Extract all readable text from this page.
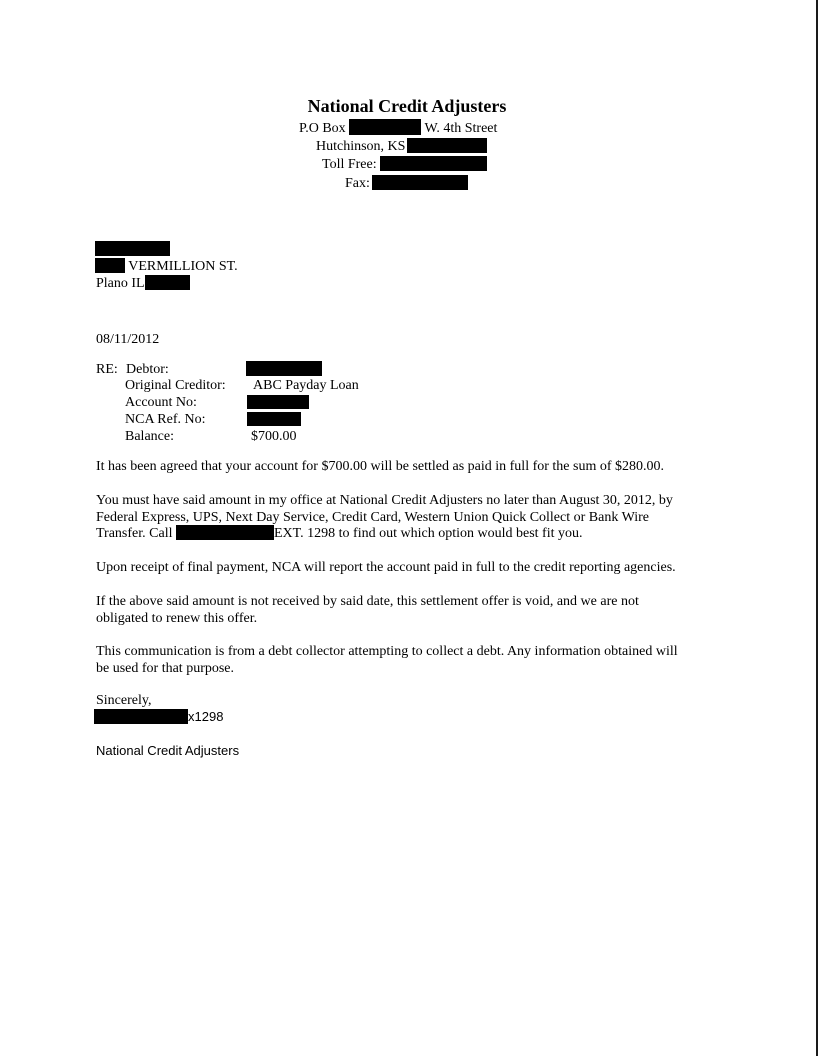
National Credit Adjusters
P.O Box	W. 4th Street
Hutchinson, KS
Toll Free:
Fax:
VERMILLION ST.
Plano IL
08/11/2012
RE: Debtor:
Original Creditor: ABC Payday Loan
Account No:
NCA Ref. No:
Balance:	$700.00
It has been agreed that your account for $700.00 will be settled as paid in full for the sum of $280.00.
You must have said amount in my office at National Credit Adjusters no later than August 30, 2012, by
Federal Express, UPS, Next Day Service, Credit Card, Western Union Quick Collect or Bank Wire
Transfer. Call	EXT. 1298 to find out which option would best fit you.
Upon receipt of final payment, NCA will report the account paid in full to the credit reporting agencies.
If the above said amount is not received by said date, this settlement offer is void, and we are not
obligated to renew this offer.
This communication is from a debt collector attempting to collect a debt. Any information obtained will
be used for that purpose.
Sincerely,
x1298
National Credit Adjusters
